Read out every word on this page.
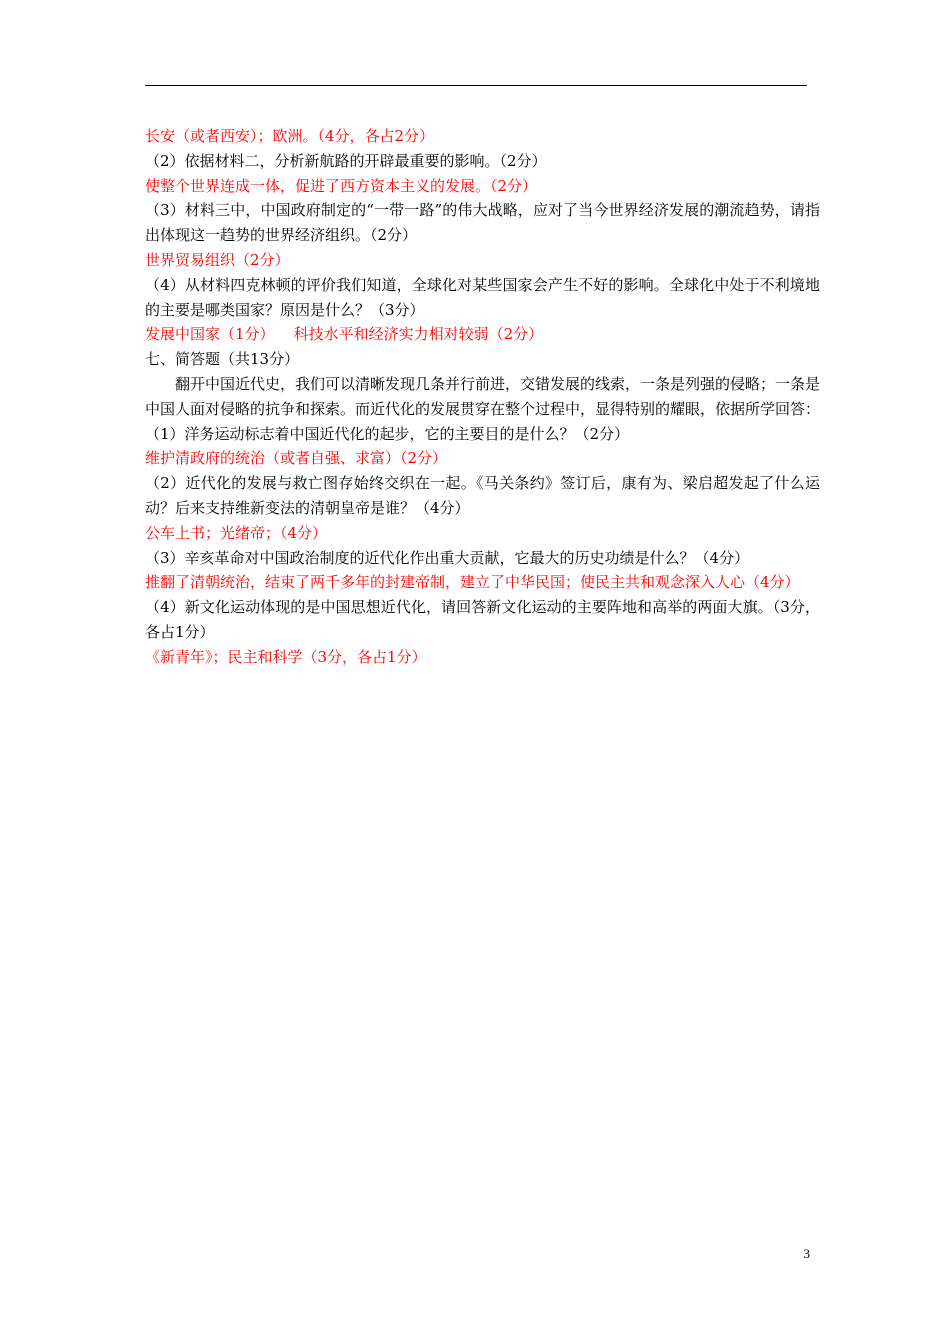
长安（或者西安）；欧洲。（4分，各占2分）
（2）依据材料二，分析新航路的开辟最重要的影响。（2分）
使整个世界连成一体，促进了西方资本主义的发展。（2分）
（3）材料三中，中国政府制定的“一带一路”的伟大战略，应对了当今世界经济发展的潮流趋势，请指出体现这一趋势的世界经济组织。（2分）
世界贸易组织（2分）
（4）从材料四克林顿的评价我们知道，全球化对某些国家会产生不好的影响。全球化中处于不利境地的主要是哪类国家？原因是什么？（3分）
发展中国家（1分）    科技水平和经济实力相对较弱（2分）
七、简答题（共13分）
翻开中国近代史，我们可以清晰发现几条并行前进，交错发展的线索，一条是列强的侵略；一条是中国人面对侵略的抗争和探索。而近代化的发展贯穿在整个过程中，显得特别的耀眼，依据所学回答：
（1）洋务运动标志着中国近代化的起步，它的主要目的是什么？（2分）
维护清政府的统治（或者自强、求富）（2分）
（2）近代化的发展与救亡图存始终交织在一起。《马关条约》签订后，康有为、梁启超发起了什么运动？后来支持维新变法的清朝皇帝是谁？（4分）
公车上书；光绪帝；（4分）
（3）辛亥革命对中国政治制度的近代化作出重大贡献，它最大的历史功绩是什么？（4分）
推翻了清朝统治，结束了两千多年的封建帝制，建立了中华民国；使民主共和观念深入人心（4分）
（4）新文化运动体现的是中国思想近代化，请回答新文化运动的主要阵地和高举的两面大旗。（3分，各占1分）
《新青年》；民主和科学（3分，各占1分）
3
